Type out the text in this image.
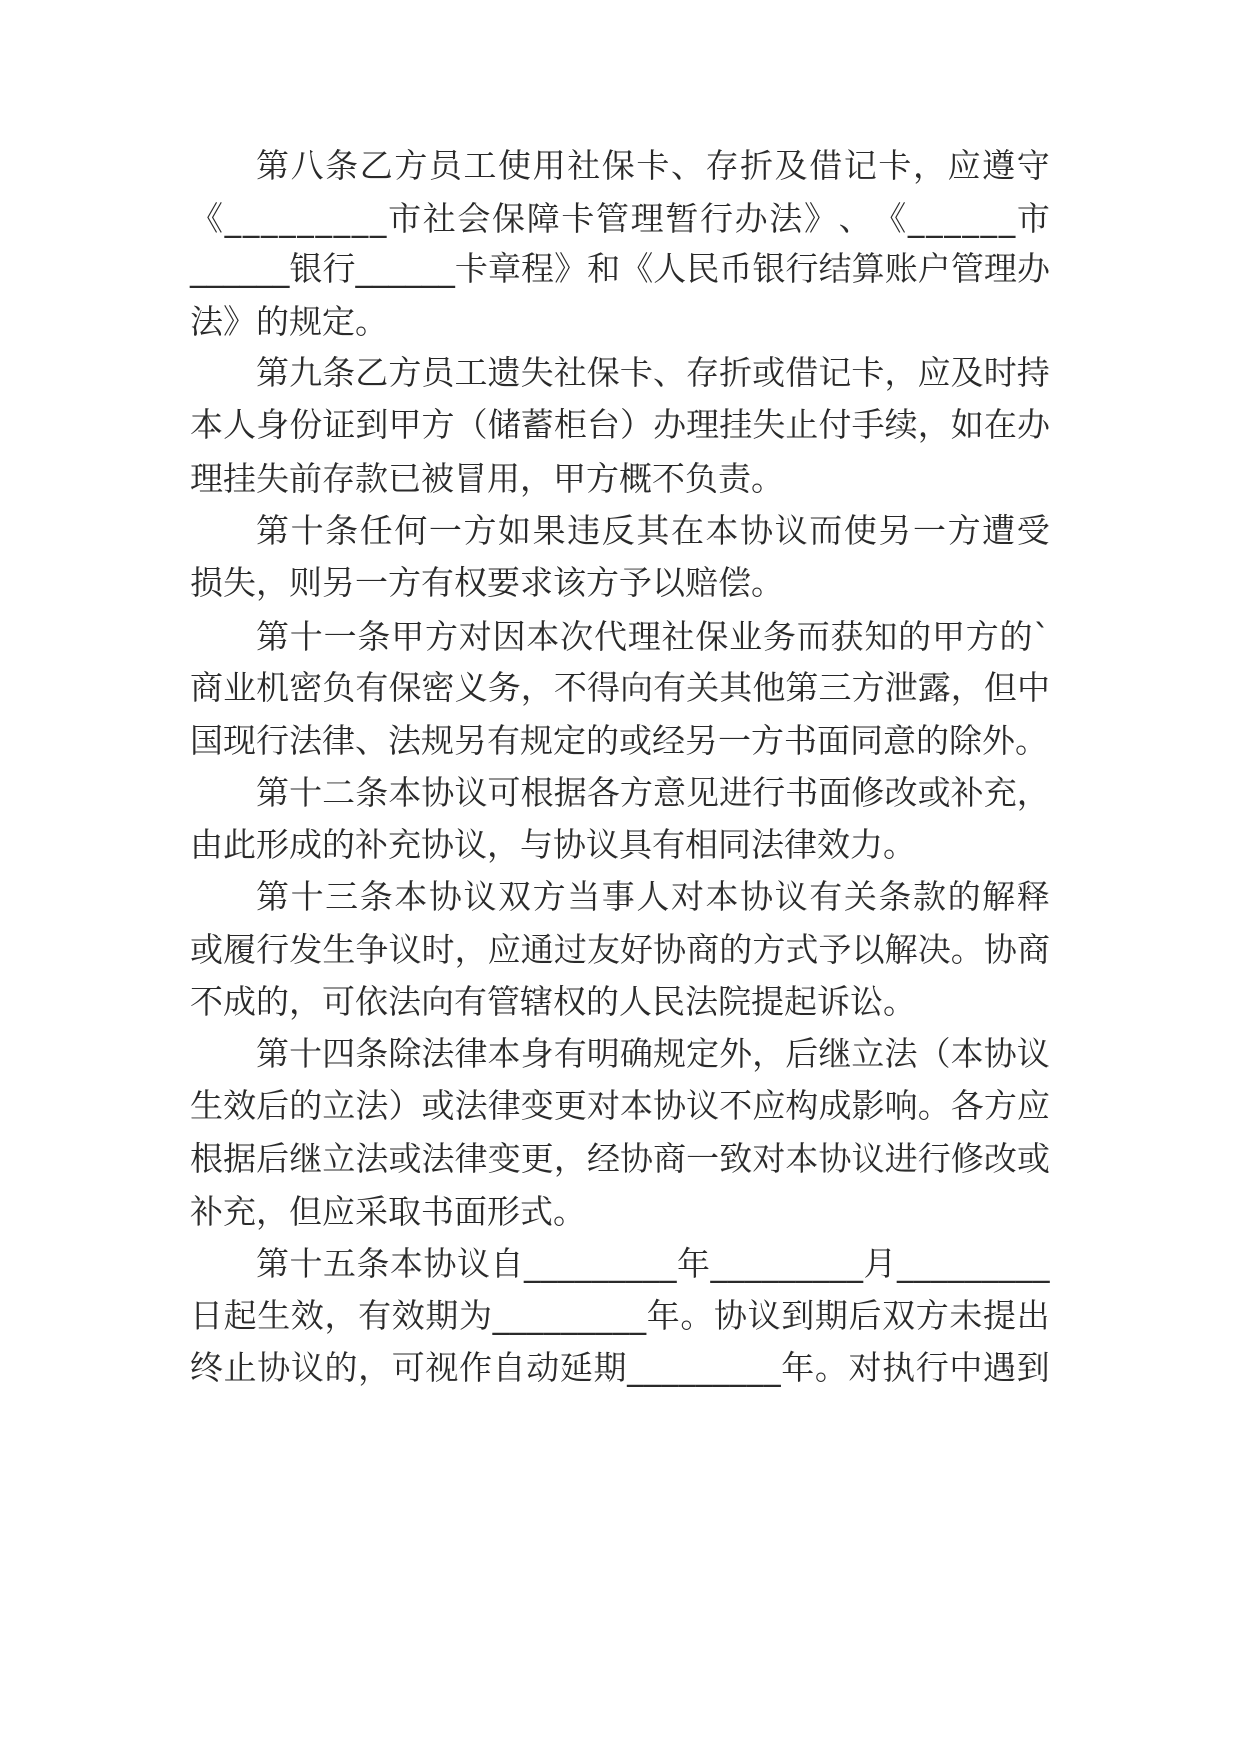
第 八 条 乙 方 员 工 使 用 社 保 卡 、 存 折 及 借 记 卡 ， 应 遵 守
《 _ _ _ _ _ _ _ _ _ 市 社 会 保 障 卡 管 理 暂 行 办 法 》 、 《 _ _ _ _ _ _ 市
_ _ _ _ _ _ 银 行 _ _ _ _ _ _ 卡 章 程 》 和 《 人 民 币 银 行 结 算 账 户 管 理 办
法》的规定。
第 九 条 乙 方 员 工 遗 失 社 保 卡 、 存 折 或 借 记 卡 ， 应 及 时 持
本 人 身 份 证 到 甲 方 （ 储 蓄 柜 台 ） 办 理 挂 失 止 付 手 续 ， 如 在 办
理挂失前存款已被冒用，甲方概不负责。
第 十 条 任 何 一 方 如 果 违 反 其 在 本 协 议 而 使 另 一 方 遭 受
损失，则另一方有权要求该方予以赔偿。
第 十 一 条 甲 方 对 因 本 次 代 理 社 保 业 务 而 获 知 的 甲 方 的 `
商 业 机 密 负 有 保 密 义 务 ， 不 得 向 有 关 其 他 第 三 方 泄 露 ， 但 中
国现行法律、法规另有规定的或经另一方书面同意的除外。
第 十 二 条 本 协 议 可 根 据 各 方 意 见 进 行 书 面 修 改 或 补 充 ，
由此形成的补充协议，与协议具有相同法律效力。
第 十 三 条 本 协 议 双 方 当 事 人 对 本 协 议 有 关 条 款 的 解 释
或 履 行 发 生 争 议 时 ， 应 通 过 友 好 协 商 的 方 式 予 以 解 决 。 协 商
不成的，可依法向有管辖权的人民法院提起诉讼。
第 十 四 条 除 法 律 本 身 有 明 确 规 定 外 ， 后 继 立 法 （ 本 协 议
生 效 后 的 立 法 ） 或 法 律 变 更 对 本 协 议 不 应 构 成 影 响 。 各 方 应
根 据 后 继 立 法 或 法 律 变 更 ， 经 协 商 一 致 对 本 协 议 进 行 修 改 或
补充，但应采取书面形式。
第 十 五 条 本 协 议 自 _ _ _ _ _ _ _ _ _ 年 _ _ _ _ _ _ _ _ _ 月 _ _ _ _ _ _ _ _ _
日 起 生 效 ， 有 效 期 为 _ _ _ _ _ _ _ _ _ 年 。 协 议 到 期 后 双 方 未 提 出
终 止 协 议 的 ， 可 视 作 自 动 延 期 _ _ _ _ _ _ _ _ _ 年 。 对 执 行 中 遇 到
